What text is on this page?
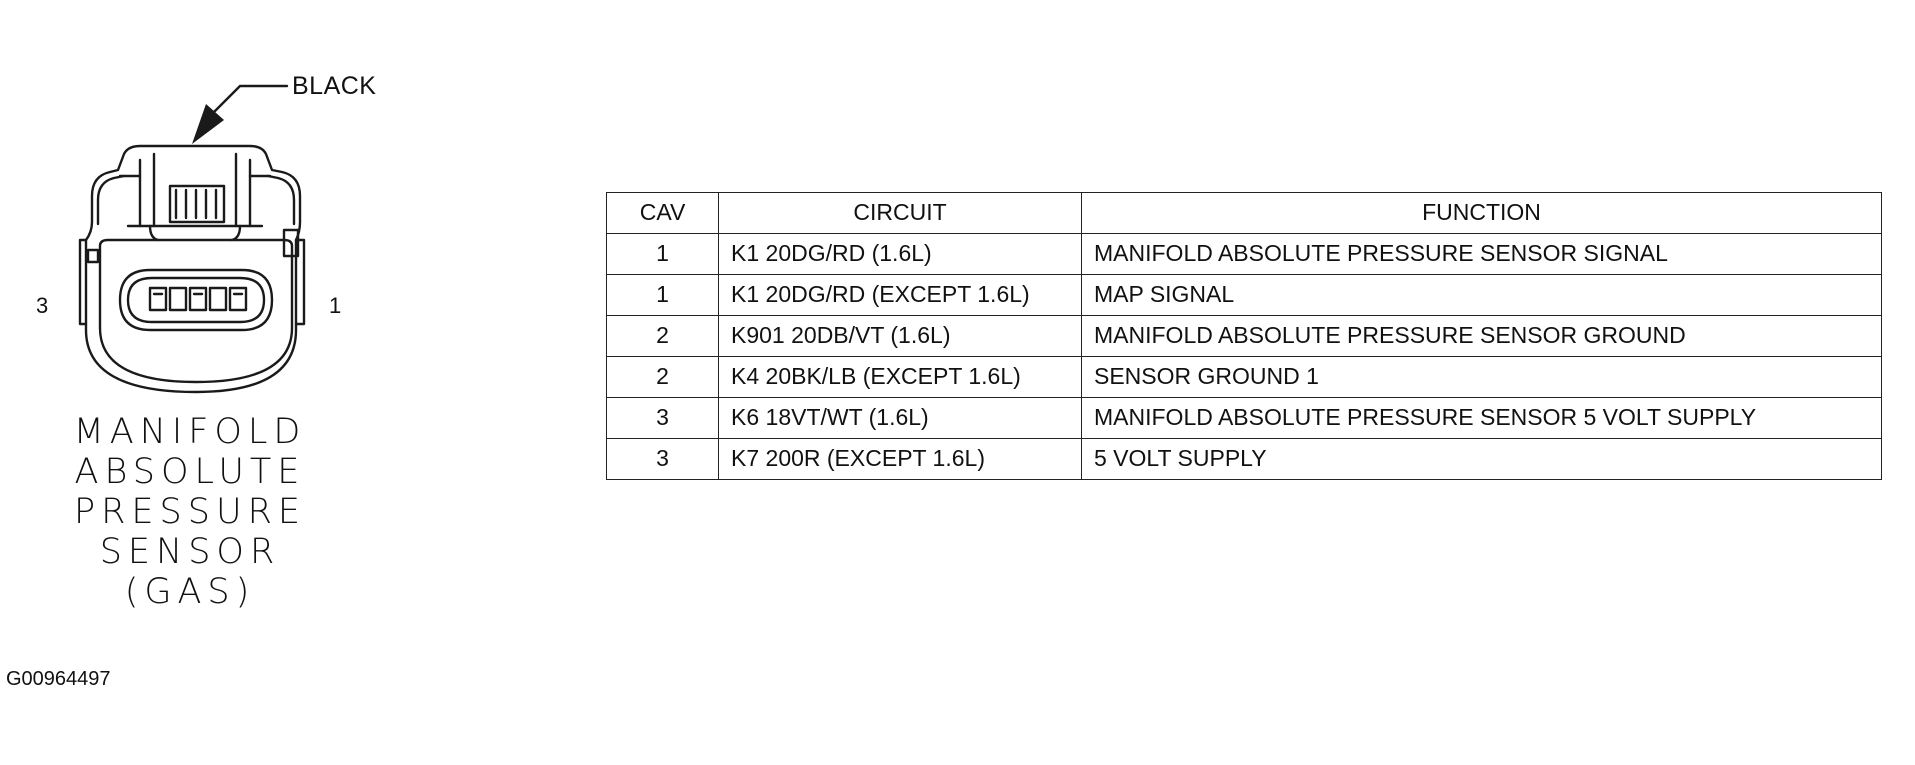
BLACK
3	1
MANIFOLD
ABSOLUTE
PRESSURE
SENSOR
(GAS)
G00964497
CAV	CIRCUIT	FUNCTION
1	K1 20DG/RD (1.6L)	MANIFOLD ABSOLUTE PRESSURE SENSOR SIGNAL
1	K1 20DG/RD (EXCEPT 1.6L)	MAP SIGNAL
2	K901 20DB/VT (1.6L)	MANIFOLD ABSOLUTE PRESSURE SENSOR GROUND
2	K4 20BK/LB (EXCEPT 1.6L)	SENSOR GROUND 1
3	K6 18VT/WT (1.6L)	MANIFOLD ABSOLUTE PRESSURE SENSOR 5 VOLT SUPPLY
3	K7 200R (EXCEPT 1.6L)	5 VOLT SUPPLY
